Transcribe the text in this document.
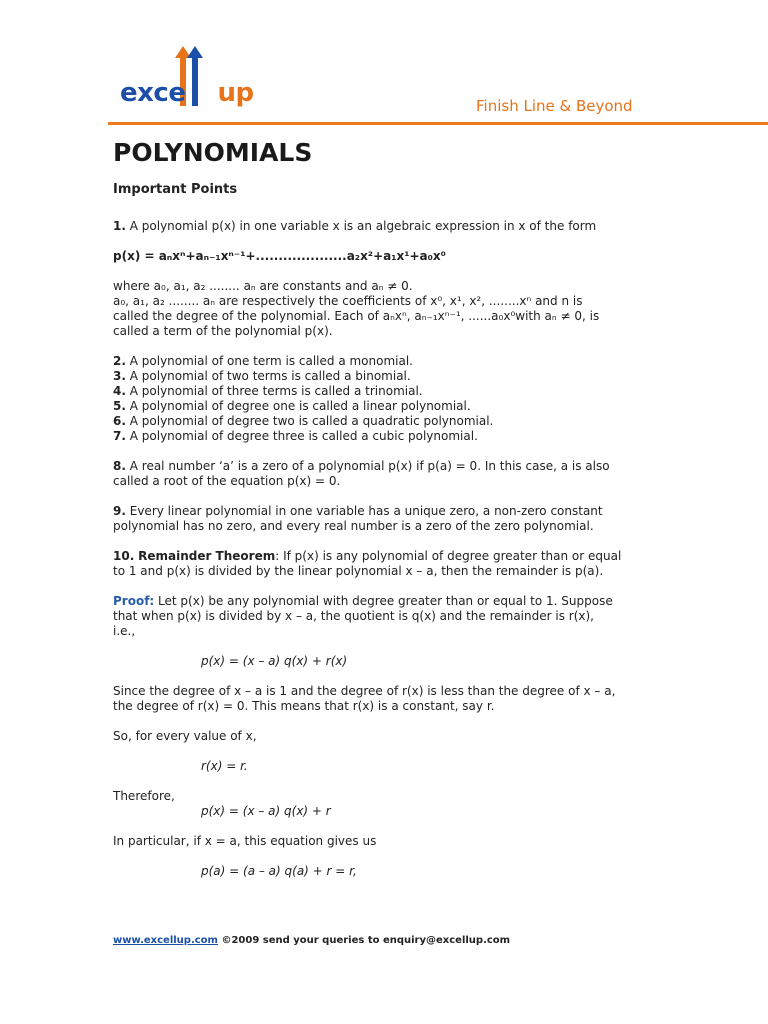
exce up	Finish Line & Beyond
POLYNOMIALS
Important Points

1. A polynomial p(x) in one variable x is an algebraic expression in x of the form

p(x) = aₙxⁿ+aₙ₋₁xⁿ⁻¹+....................a₂x²+a₁x¹+a₀x⁰

where a₀, a₁, a₂ ........ aₙ are constants and aₙ ≠ 0.

a₀, a₁, a₂ ........ aₙ are respectively the coefficients of x⁰, x¹, x², ........xⁿ and n is

called the degree of the polynomial. Each of aₙxⁿ, aₙ₋₁xⁿ⁻¹, ......a₀x⁰with aₙ ≠ 0, is

called a term of the polynomial p(x).

2. A polynomial of one term is called a monomial.

3. A polynomial of two terms is called a binomial.

4. A polynomial of three terms is called a trinomial.

5. A polynomial of degree one is called a linear polynomial.

6. A polynomial of degree two is called a quadratic polynomial.

7. A polynomial of degree three is called a cubic polynomial.

8. A real number ‘a’ is a zero of a polynomial p(x) if p(a) = 0. In this case, a is also

called a root of the equation p(x) = 0.

9. Every linear polynomial in one variable has a unique zero, a non-zero constant

polynomial has no zero, and every real number is a zero of the zero polynomial.

10. Remainder Theorem: If p(x) is any polynomial of degree greater than or equal

to 1 and p(x) is divided by the linear polynomial x – a, then the remainder is p(a).

Proof: Let p(x) be any polynomial with degree greater than or equal to 1. Suppose

that when p(x) is divided by x – a, the quotient is q(x) and the remainder is r(x),

i.e.,

p(x) = (x – a) q(x) + r(x)

Since the degree of x – a is 1 and the degree of r(x) is less than the degree of x – a,

the degree of r(x) = 0. This means that r(x) is a constant, say r.

So, for every value of x,

r(x) = r.

Therefore,

p(x) = (x – a) q(x) + r

In particular, if x = a, this equation gives us

p(a) = (a – a) q(a) + r = r,

www.excellup.com ©2009 send your queries to enquiry@excellup.com
